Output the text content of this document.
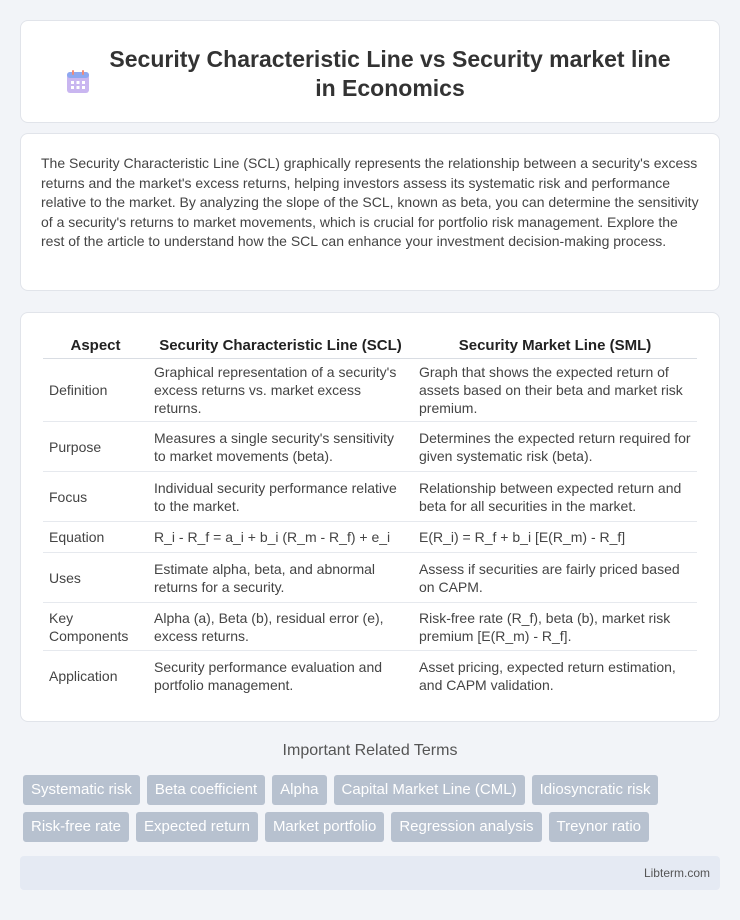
Security Characteristic Line vs Security market line in Economics

The Security Characteristic Line (SCL) graphically represents the relationship between a security's excess returns and the market's excess returns, helping investors assess its systematic risk and performance relative to the market. By analyzing the slope of the SCL, known as beta, you can determine the sensitivity of a security's returns to market movements, which is crucial for portfolio risk management. Explore the rest of the article to understand how the SCL can enhance your investment decision-making process.

Aspect	Security Characteristic Line (SCL)	Security Market Line (SML)
Definition	Graphical representation of a security's excess returns vs. market excess returns.	Graph that shows the expected return of assets based on their beta and market risk premium.
Purpose	Measures a single security's sensitivity to market movements (beta).	Determines the expected return required for given systematic risk (beta).
Focus	Individual security performance relative to the market.	Relationship between expected return and beta for all securities in the market.
Equation	R_i - R_f = a_i + b_i (R_m - R_f) + e_i	E(R_i) = R_f + b_i [E(R_m) - R_f]
Uses	Estimate alpha, beta, and abnormal returns for a security.	Assess if securities are fairly priced based on CAPM.
Key Components	Alpha (a), Beta (b), residual error (e), excess returns.	Risk-free rate (R_f), beta (b), market risk premium [E(R_m) - R_f].
Application	Security performance evaluation and portfolio management.	Asset pricing, expected return estimation, and CAPM validation.
Important Related Terms
Systematic risk	Beta coefficient	Alpha	Capital Market Line (CML)	Idiosyncratic risk
Risk-free rate	Expected return	Market portfolio	Regression analysis	Treynor ratio
Libterm.com
